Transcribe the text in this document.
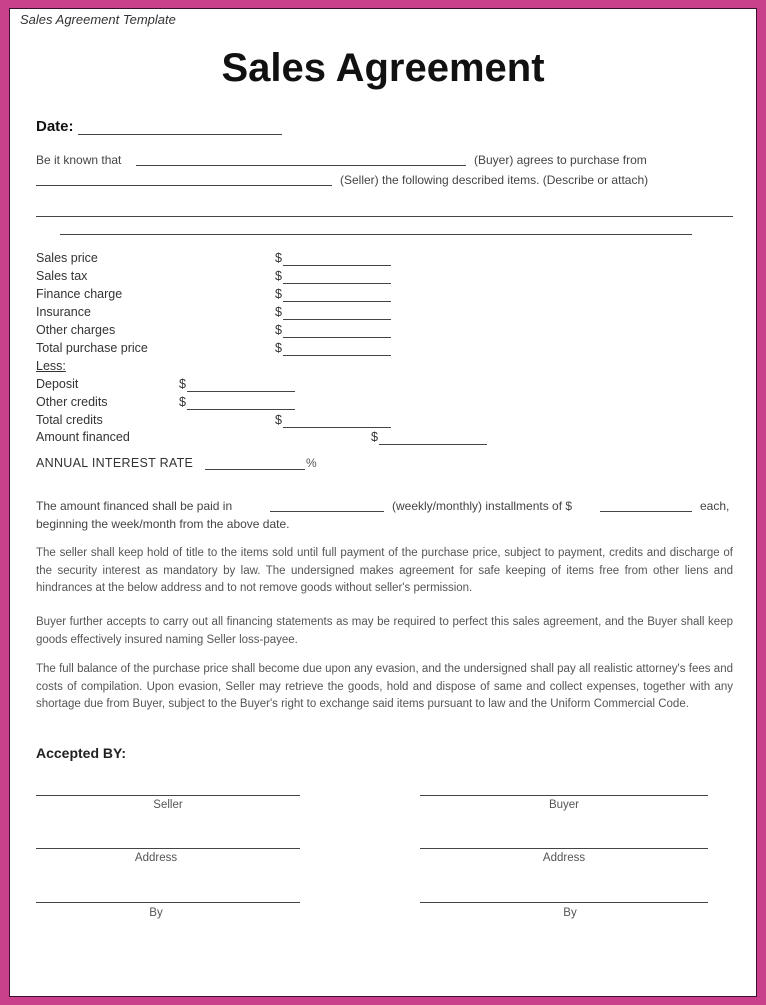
Sales Agreement Template
Sales Agreement
Date:
Be it known that	(Buyer) agrees to purchase from
(Seller) the following described items. (Describe or attach)
Sales price	$
Sales tax	$
Finance charge	$
Insurance	$
Other charges	$
Total purchase price	$
Less:
Deposit	$
Other credits	$
Total credits	$
Amount financed	$
ANNUAL INTEREST RATE	%
The amount financed shall be paid in	(weekly/monthly) installments of $	each,
beginning the week/month from the above date.
The seller shall keep hold of title to the items sold until full payment of the purchase price, subject to payment, credits and discharge of the security interest as mandatory by law. The undersigned makes agreement for safe keeping of items free from other liens and hindrances at the below address and to not remove goods without seller's permission.
Buyer further accepts to carry out all financing statements as may be required to perfect this sales agreement, and the Buyer shall keep goods effectively insured naming Seller loss-payee.
The full balance of the purchase price shall become due upon any evasion, and the undersigned shall pay all realistic attorney's fees and costs of compilation. Upon evasion, Seller may retrieve the goods, hold and dispose of same and collect expenses, together with any shortage due from Buyer, subject to the Buyer's right to exchange said items pursuant to law and the Uniform Commercial Code.
Accepted BY:
Seller	Buyer
Address	Address
By	By
